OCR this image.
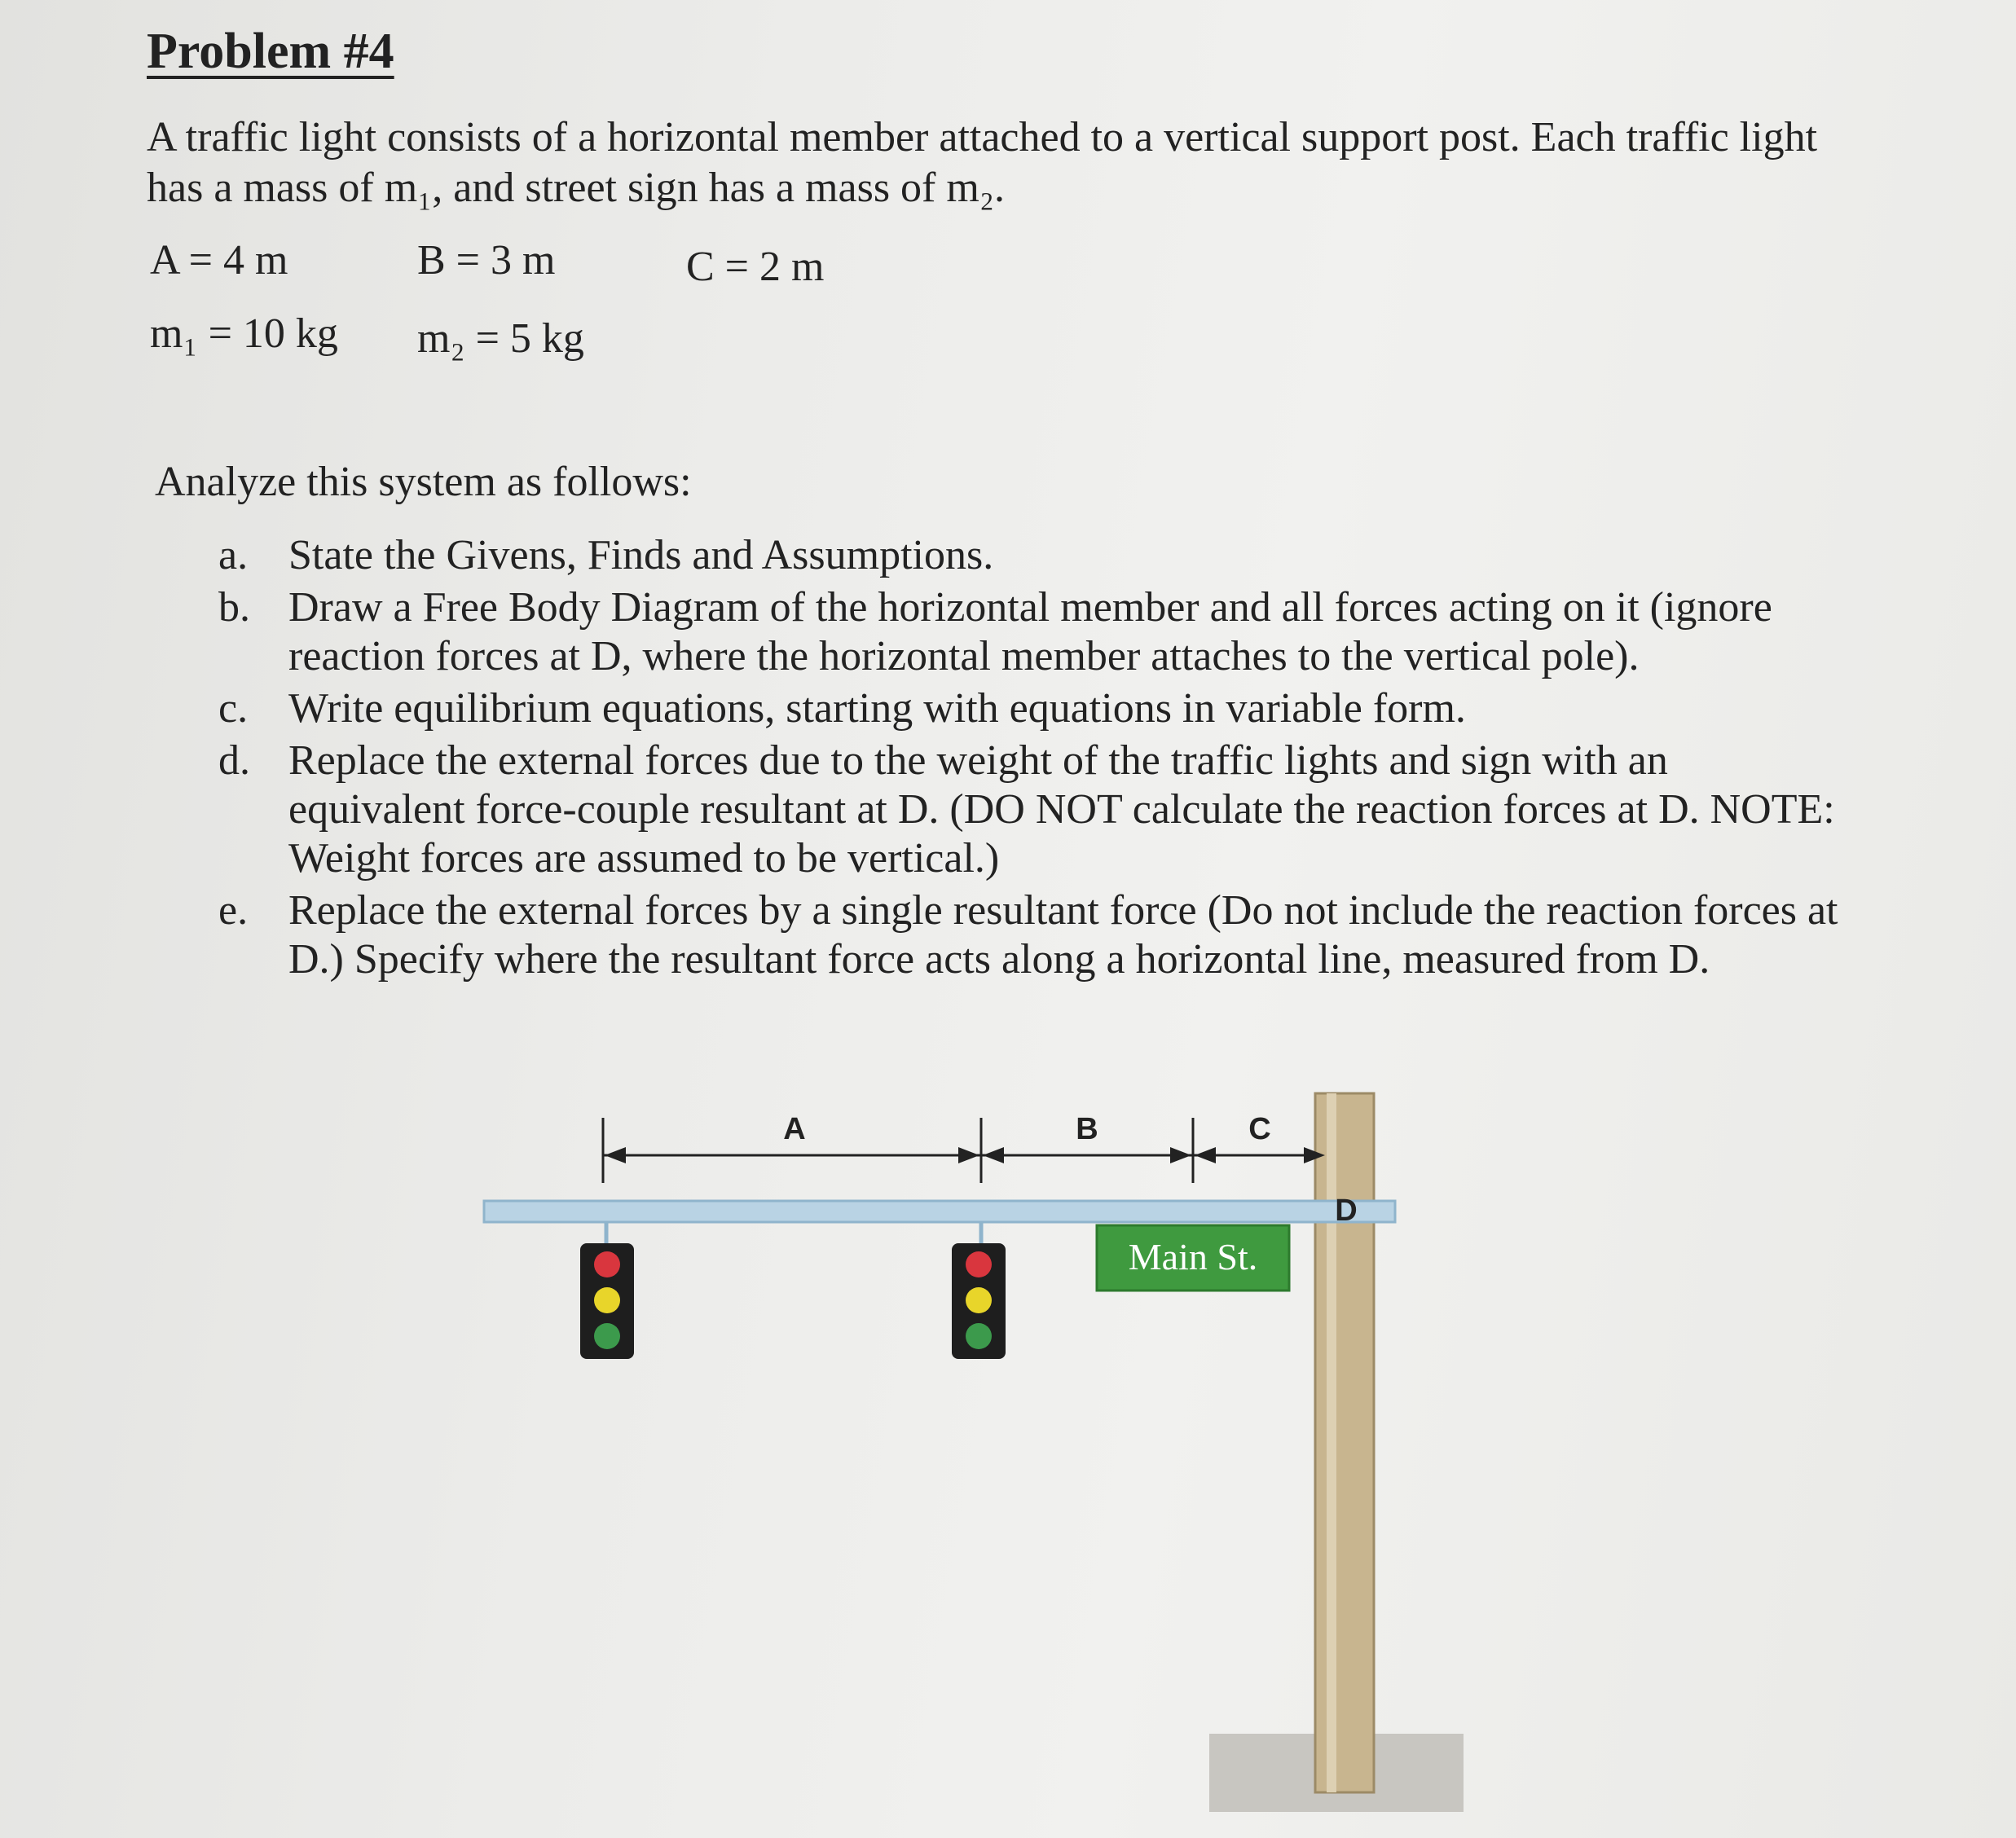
Problem #4
A traffic light consists of a horizontal member attached to a vertical support post. Each traffic light has a mass of m₁, and street sign has a mass of m₂.
A = 4 m	B = 3 m	C = 2 m
m₁ = 10 kg m₂ = 5 kg
Analyze this system as follows:
a. State the Givens, Finds and Assumptions.
b. Draw a Free Body Diagram of the horizontal member and all forces acting on it (ignore reaction forces at D, where the horizontal member attaches to the vertical pole).
c. Write equilibrium equations, starting with equations in variable form.
d. Replace the external forces due to the weight of the traffic lights and sign with an equivalent force-couple resultant at D. (DO NOT calculate the reaction forces at D. NOTE: Weight forces are assumed to be vertical.)
e. Replace the external forces by a single resultant force (Do not include the reaction forces at D.) Specify where the resultant force acts along a horizontal line, measured from D.
D
A	B	C
Main St.
